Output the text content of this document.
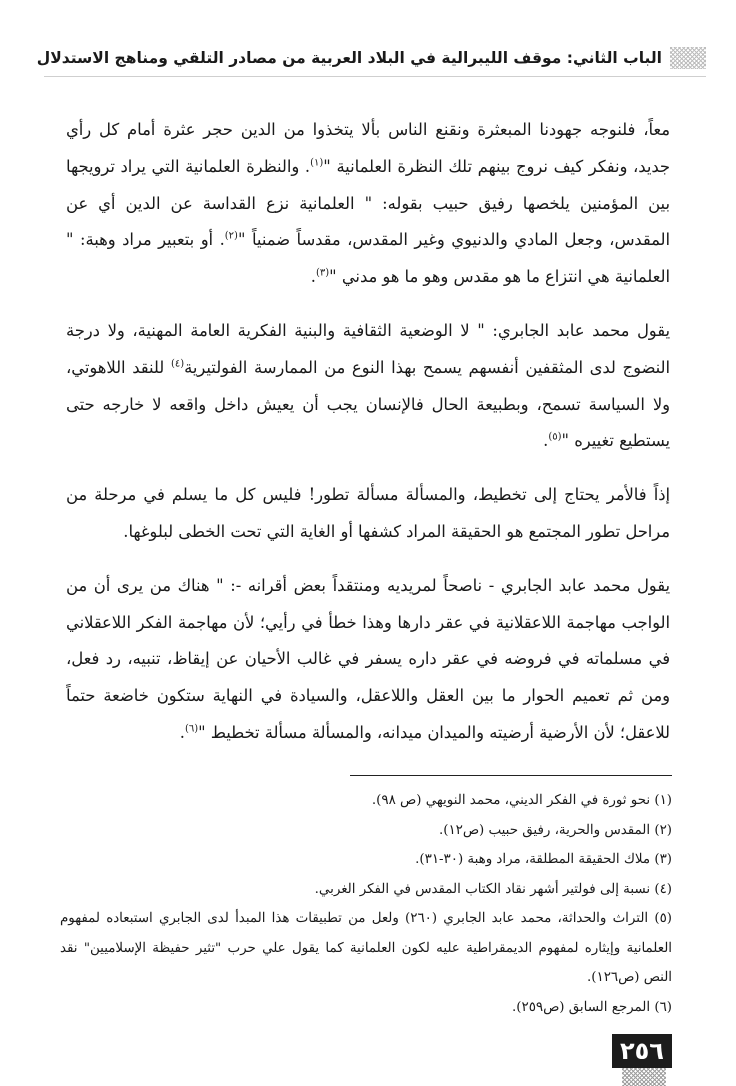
الباب الثاني: موقف الليبرالية في البلاد العربية من مصادر التلقي ومناهج الاستدلال

معاً، فلنوجه جهودنا المبعثرة ونقنع الناس بألا يتخذوا من الدين حجر عثرة أمام كل رأي جديد، ونفكر كيف نروج بينهم تلك النظرة العلمانية "$^{(١)}$. والنظرة العلمانية التي يراد ترويجها بين المؤمنين يلخصها رفيق حبيب بقوله: " العلمانية نزع القداسة عن الدين أي عن المقدس، وجعل المادي والدنيوي وغير المقدس، مقدساً ضمنياً "$^{(٢)}$. أو بتعبير مراد وهبة: " العلمانية هي انتزاع ما هو مقدس وهو ما هو مدني "$^{(٣)}$.

يقول محمد عابد الجابري: " لا الوضعية الثقافية والبنية الفكرية العامة المهنية، ولا درجة النضوج لدى المثقفين أنفسهم يسمح بهذا النوع من الممارسة الفولتيرية$^{(٤)}$ للنقد اللاهوتي، ولا السياسة تسمح، وبطبيعة الحال فالإنسان يجب أن يعيش داخل واقعه لا خارجه حتى يستطيع تغييره "$^{(٥)}$.

إذاً فالأمر يحتاج إلى تخطيط، والمسألة مسألة تطور! فليس كل ما يسلم في مرحلة من مراحل تطور المجتمع هو الحقيقة المراد كشفها أو الغاية التي تحت الخطى لبلوغها.

يقول محمد عابد الجابري - ناصحاً لمريديه ومنتقداً بعض أقرانه -: " هناك من يرى أن من الواجب مهاجمة اللاعقلانية في عقر دارها وهذا خطأ في رأيي؛ لأن مهاجمة الفكر اللاعقلاني في مسلماته في فروضه في عقر داره يسفر في غالب الأحيان عن إيقاظ، تنبيه، رد فعل، ومن ثم تعميم الحوار ما بين العقل واللاعقل، والسيادة في النهاية ستكون خاضعة حتماً للاعقل؛ لأن الأرضية أرضيته والميدان ميدانه، والمسألة مسألة تخطيط "$^{(٦)}$.

(١) نحو ثورة في الفكر الديني، محمد النويهي (ص ٩٨).

(٢) المقدس والحرية، رفيق حبيب (ص١٢).

(٣) ملاك الحقيقة المطلقة، مراد وهبة (٣٠-٣١).

(٤) نسبة إلى فولتير أشهر نقاد الكتاب المقدس في الفكر الغربي.

(٥) التراث والحداثة، محمد عابد الجابري (٢٦٠) ولعل من تطبيقات هذا المبدأ لدى الجابري استبعاده لمفهوم العلمانية وإيثاره لمفهوم الديمقراطية عليه لكون العلمانية كما يقول علي حرب "تثير حفيظة الإسلاميين" نقد النص (ص١٢٦).

(٦) المرجع السابق (ص٢٥٩).

٢٥٦
